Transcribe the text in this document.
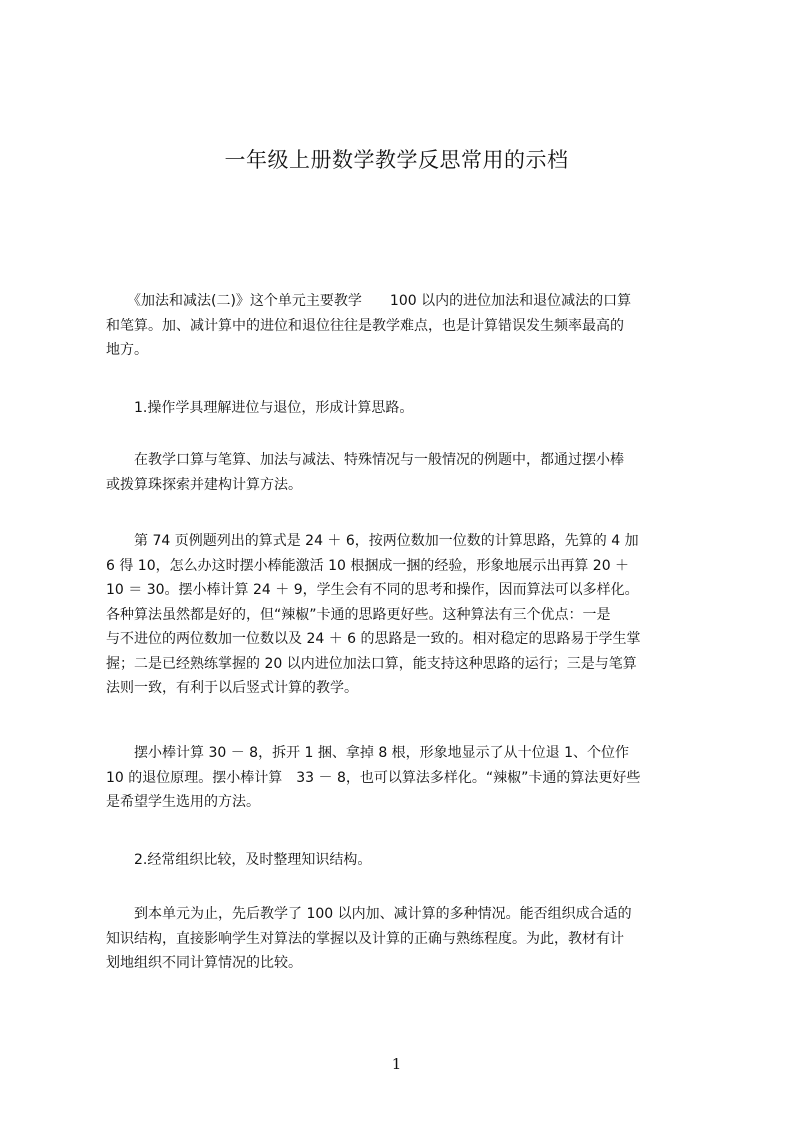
一年级上册数学教学反思常用的示档
　　《加法和减法(二)》这个单元主要教学　　100 以内的进位加法和退位减法的口算
和笔算。加、减计算中的进位和退位往往是教学难点，也是计算错误发生频率最高的
地方。
　　1.操作学具理解进位与退位，形成计算思路。
　　在教学口算与笔算、加法与减法、特殊情况与一般情况的例题中，都通过摆小棒
或拨算珠探索并建构计算方法。
　　第 74 页例题列出的算式是 24 ＋ 6，按两位数加一位数的计算思路，先算的 4 加
6 得 10，怎么办这时摆小棒能激活 10 根捆成一捆的经验，形象地展示出再算 20 ＋
10 ＝ 30。摆小棒计算 24 ＋ 9，学生会有不同的思考和操作，因而算法可以多样化。
各种算法虽然都是好的，但“辣椒”卡通的思路更好些。这种算法有三个优点：一是
与不进位的两位数加一位数以及 24 ＋ 6 的思路是一致的。相对稳定的思路易于学生掌
握；二是已经熟练掌握的 20 以内进位加法口算，能支持这种思路的运行；三是与笔算
法则一致，有利于以后竖式计算的教学。
　　摆小棒计算 30 － 8，拆开 1 捆、拿掉 8 根，形象地显示了从十位退 1、个位作
10 的退位原理。摆小棒计算　33 － 8，也可以算法多样化。“辣椒”卡通的算法更好些
是希望学生选用的方法。
　　2.经常组织比较，及时整理知识结构。
　　到本单元为止，先后教学了 100 以内加、减计算的多种情况。能否组织成合适的
知识结构，直接影响学生对算法的掌握以及计算的正确与熟练程度。为此，教材有计
划地组织不同计算情况的比较。
1
